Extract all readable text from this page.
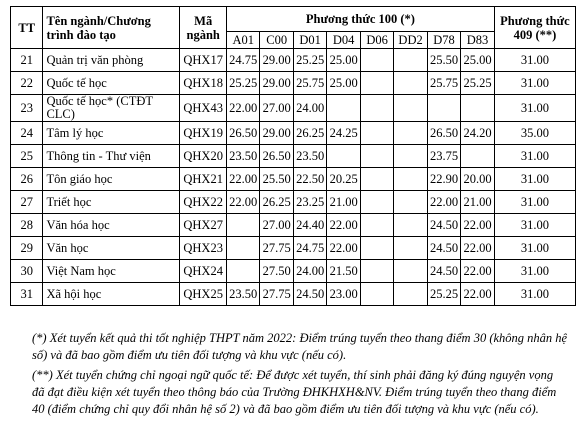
TT	Tên ngành/Chương trình đào tạo	Mã ngành	Phương thức 100 (*)								Phương thức 409 (**)
			A01	C00	D01	D04	D06	DD2	D78	D83	
21	Quản trị văn phòng	QHX17	24.75	29.00	25.25	25.00			25.50	25.00	31.00
22	Quốc tế học	QHX18	25.25	29.00	25.75	25.00			25.75	25.25	31.00
23	Quốc tế học* (CTĐT CLC)	QHX43	22.00	27.00	24.00						31.00
24	Tâm lý học	QHX19	26.50	29.00	26.25	24.25			26.50	24.20	35.00
25	Thông tin - Thư viện	QHX20	23.50	26.50	23.50				23.75		31.00
26	Tôn giáo học	QHX21	22.00	25.50	22.50	20.25			22.90	20.00	31.00
27	Triết học	QHX22	22.00	26.25	23.25	21.00			22.00	21.00	31.00
28	Văn hóa học	QHX27		27.00	24.40	22.00			24.50	22.00	31.00
29	Văn học	QHX23		27.75	24.75	22.00			24.50	22.00	31.00
30	Việt Nam học	QHX24		27.50	24.00	21.50			24.50	22.00	31.00
31	Xã hội học	QHX25	23.50	27.75	24.50	23.00			25.25	22.00	31.00

(*) Xét tuyển kết quả thi tốt nghiệp THPT năm 2022: Điểm trúng tuyển theo thang điểm 30 (không nhân hệ số) và đã bao gồm điểm ưu tiên đối tượng và khu vực (nếu có).

(**) Xét tuyển chứng chỉ ngoại ngữ quốc tế: Để được xét tuyển, thí sinh phải đăng ký đúng nguyện vọng đã đạt điều kiện xét tuyển theo thông báo của Trường ĐHKHXH&NV. Điểm trúng tuyển theo thang điểm 40 (điểm chứng chỉ quy đổi nhân hệ số 2) và đã bao gồm điểm ưu tiên đối tượng và khu vực (nếu có).
